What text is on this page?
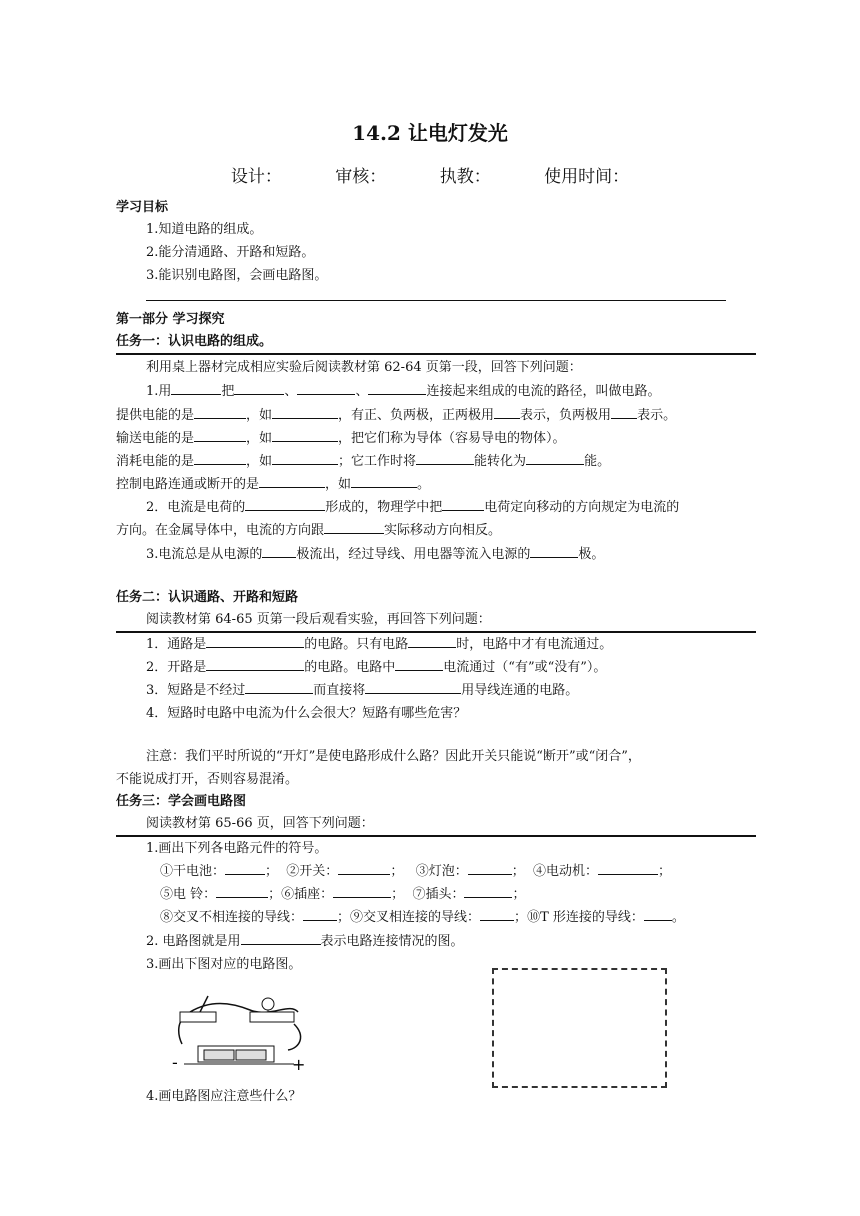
14.2 让电灯发光
设计：	审核：	执教：	使用时间：
学习目标
1.知道电路的组成。
2.能分清通路、开路和短路。
3.能识别电路图，会画电路图。
第一部分 学习探究
任务一：认识电路的组成。
利用桌上器材完成相应实验后阅读教材第 62-64 页第一段，回答下列问题：
1.用	把	、	、	连接起来组成的电流的路径，叫做电路。
提供电能的是	，如	，有正、负两极，正两极用 表示，负两极用 表示。
输送电能的是	，如	，把它们称为导体（容易导电的物体）。
消耗电能的是	，如	；它工作时将	能转化为	能。
控制电路连通或断开的是	，如	。
2．电流是电荷的	形成的，物理学中把	电荷定向移动的方向规定为电流的
方向。在金属导体中，电流的方向跟	实际移动方向相反。
3.电流总是从电源的	极流出，经过导线、用电器等流入电源的	极。
任务二：认识通路、开路和短路
阅读教材第 64-65 页第一段后观看实验，再回答下列问题：
1．通路是	的电路。只有电路	时，电路中才有电流通过。
2．开路是	的电路。电路中	电流通过（“有”或“没有”）。
3．短路是不经过	而直接将	用导线连通的电路。
4．短路时电路中电流为什么会很大？短路有哪些危害？
注意：我们平时所说的“开灯”是使电路形成什么路？因此开关只能说“断开”或“闭合”，
不能说成打开，否则容易混淆。
任务三：学会画电路图
阅读教材第 65-66 页，回答下列问题：
1.画出下列各电路元件的符号。
①干电池：	； ②开关：	； ③灯泡：	； ④电动机：	；
⑤电 铃：	；⑥插座：	； ⑦插头：	；
⑧交叉不相连接的导线：	；⑨交叉相连接的导线：	；⑩T 形连接的导线： 。
2. 电路图就是用	表示电路连接情况的图。
3.画出下图对应的电路图。
-	+
4.画电路图应注意些什么？
